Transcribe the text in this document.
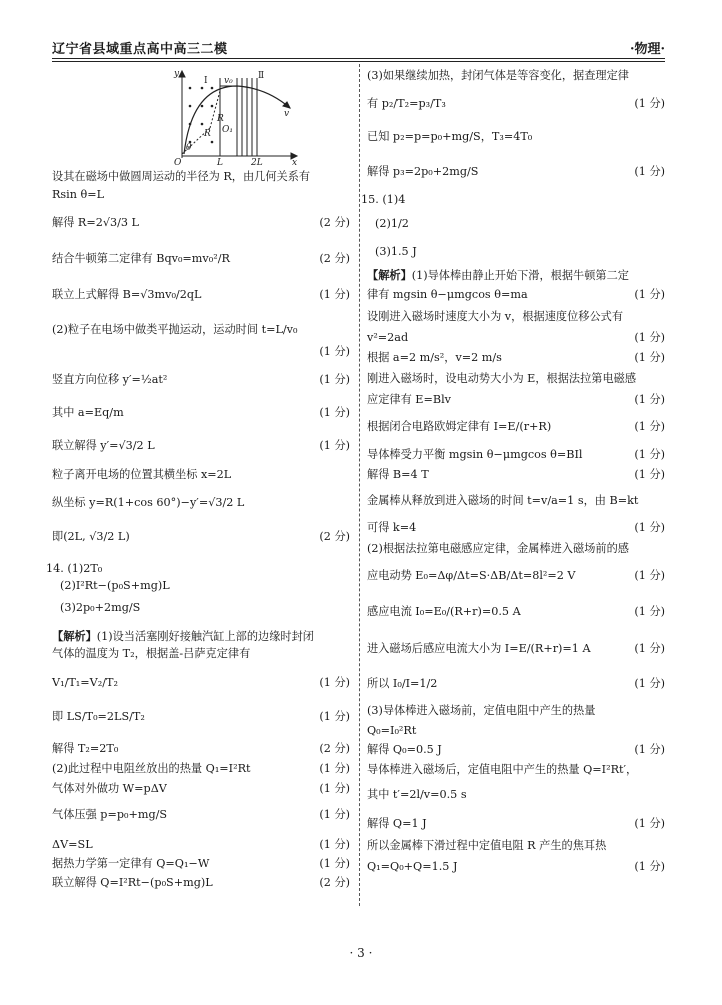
辽宁省县域重点高中高三二模	·物理·
y
v₀
Ⅰ	Ⅱ
R
R
O₁
θ
O	L	2L	x
v
设其在磁场中做圆周运动的半径为 R，由几何关系有
Rsin θ=L
解得 R=2√3/3 L	(2 分)
结合牛顿第二定律有 Bqv₀=mv₀²/R	(2 分)
联立上式解得 B=√3mv₀/2qL	(1 分)
(2)粒子在电场中做类平抛运动，运动时间 t=L/v₀
(1 分)
竖直方向位移 y′=½at²	(1 分)
其中 a=Eq/m	(1 分)
联立解得 y′=√3/2 L	(1 分)
粒子离开电场的位置其横坐标 x=2L
纵坐标 y=R(1+cos 60°)−y′=√3/2 L
即(2L, √3/2 L)	(2 分)
14. (1)2T₀
(2)I²Rt−(p₀S+mg)L
(3)2p₀+2mg/S
【解析】(1)设当活塞刚好接触汽缸上部的边缘时封闭
气体的温度为 T₂，根据盖-吕萨克定律有
V₁/T₁=V₂/T₂	(1 分)
即 LS/T₀=2LS/T₂	(1 分)
解得 T₂=2T₀	(2 分)
(2)此过程中电阻丝放出的热量 Q₁=I²Rt	(1 分)
气体对外做功 W=pΔV	(1 分)
气体压强 p=p₀+mg/S	(1 分)
ΔV=SL	(1 分)
据热力学第一定律有 Q=Q₁−W	(1 分)
联立解得 Q=I²Rt−(p₀S+mg)L	(2 分)
(3)如果继续加热，封闭气体是等容变化，据查理定律
有 p₂/T₂=p₃/T₃	(1 分)
已知 p₂=p=p₀+mg/S，T₃=4T₀
解得 p₃=2p₀+2mg/S	(1 分)
15. (1)4
(2)1/2
(3)1.5 J
【解析】(1)导体棒由静止开始下滑，根据牛顿第二定
律有 mgsin θ−μmgcos θ=ma	(1 分)
设刚进入磁场时速度大小为 v，根据速度位移公式有
v²=2ad	(1 分)
根据 a=2 m/s²，v=2 m/s	(1 分)
刚进入磁场时，设电动势大小为 E，根据法拉第电磁感
应定律有 E=Blv	(1 分)
根据闭合电路欧姆定律有 I=E/(r+R)	(1 分)
导体棒受力平衡 mgsin θ−μmgcos θ=BIl	(1 分)
解得 B=4 T	(1 分)
金属棒从释放到进入磁场的时间 t=v/a=1 s，由 B=kt
可得 k=4	(1 分)
(2)根据法拉第电磁感应定律，金属棒进入磁场前的感
应电动势 E₀=Δφ/Δt=S·ΔB/Δt=8l²=2 V	(1 分)
感应电流 I₀=E₀/(R+r)=0.5 A	(1 分)
进入磁场后感应电流大小为 I=E/(R+r)=1 A	(1 分)
所以 I₀/I=1/2	(1 分)
(3)导体棒进入磁场前，定值电阻中产生的热量
Q₀=I₀²Rt
解得 Q₀=0.5 J	(1 分)
导体棒进入磁场后，定值电阻中产生的热量 Q=I²Rt′，
其中 t′=2l/v=0.5 s
解得 Q=1 J	(1 分)
所以金属棒下滑过程中定值电阻 R 产生的焦耳热
Q₁=Q₀+Q=1.5 J	(1 分)
· 3 ·
